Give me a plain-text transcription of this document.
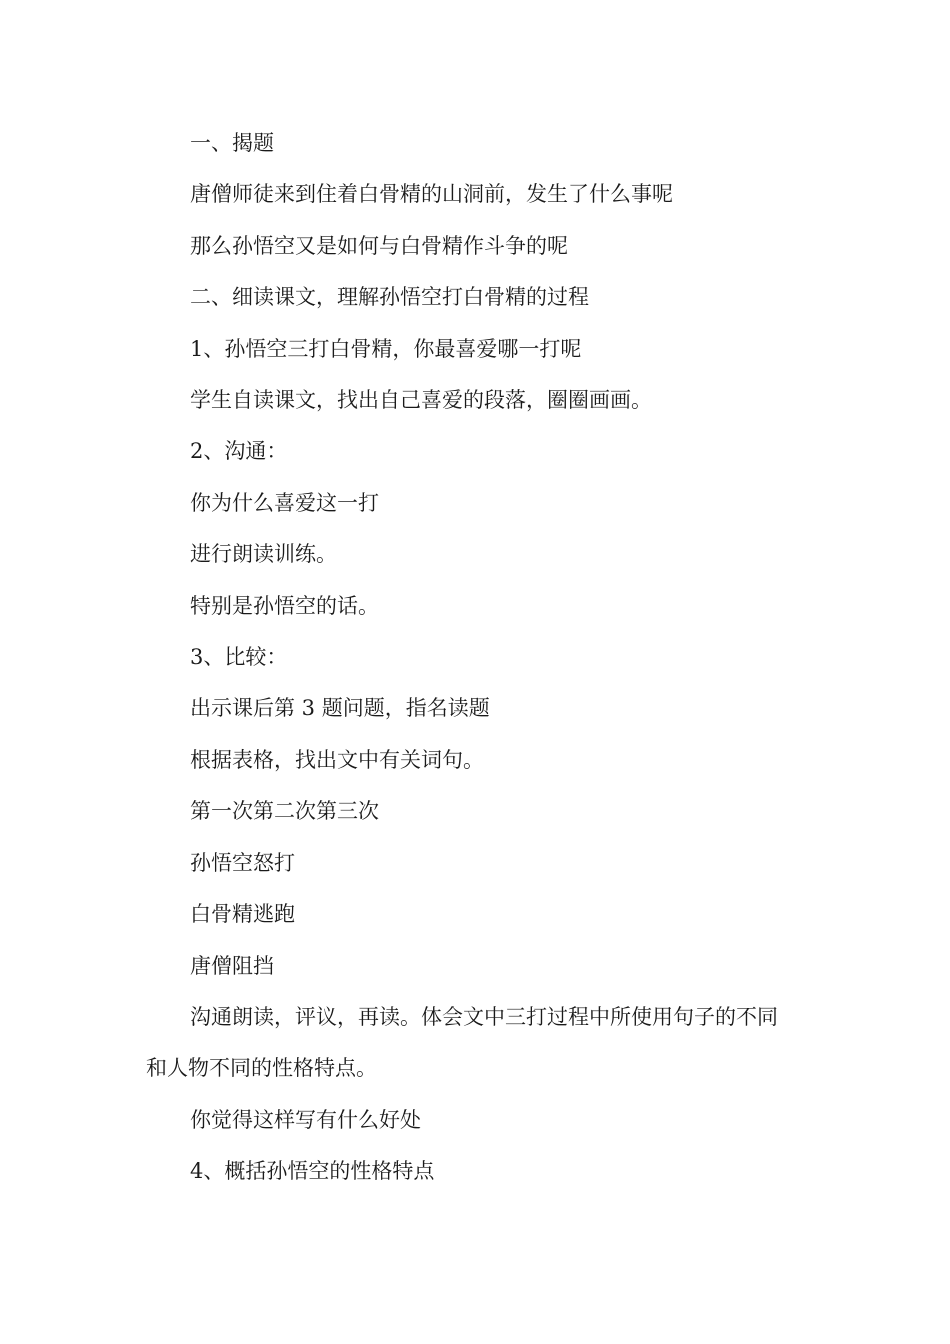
一、揭题

唐僧师徒来到住着白骨精的山洞前，发生了什么事呢

那么孙悟空又是如何与白骨精作斗争的呢

二、细读课文，理解孙悟空打白骨精的过程

1、孙悟空三打白骨精，你最喜爱哪一打呢

学生自读课文，找出自己喜爱的段落，圈圈画画。

2、沟通：

你为什么喜爱这一打

进行朗读训练。

特别是孙悟空的话。

3、比较：

出示课后第 3 题问题，指名读题

根据表格，找出文中有关词句。

第一次第二次第三次

孙悟空怒打

白骨精逃跑

唐僧阻挡

沟通朗读，评议，再读。体会文中三打过程中所使用句子的不同和人物不同的性格特点。

你觉得这样写有什么好处

4、概括孙悟空的性格特点
